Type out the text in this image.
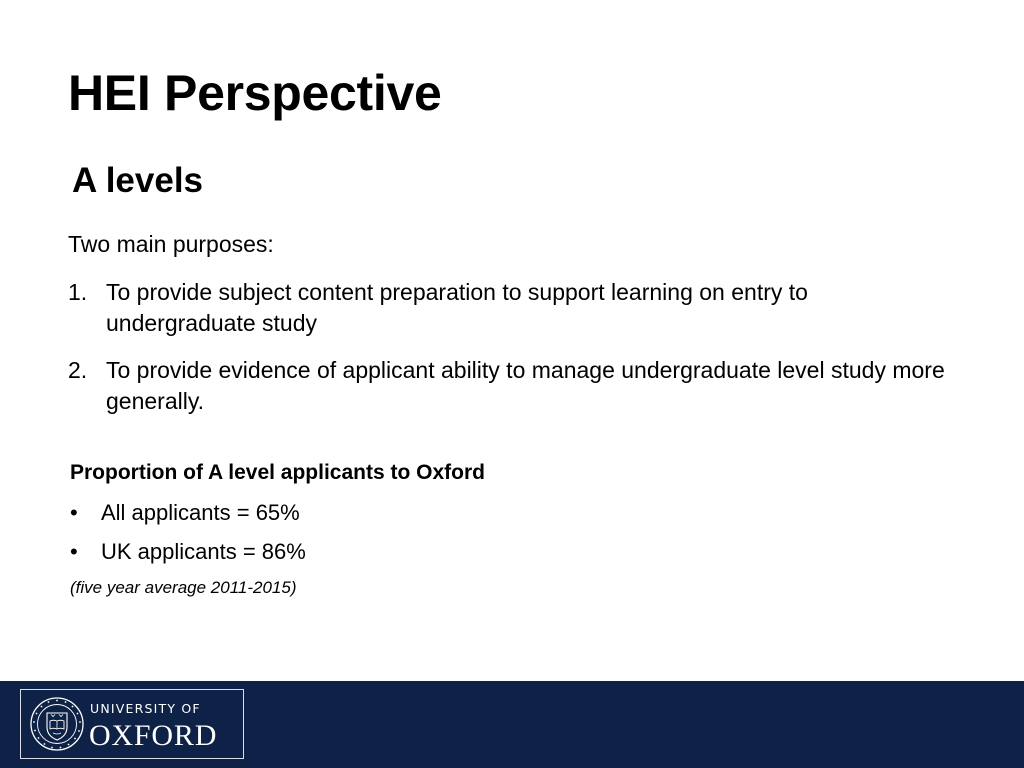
HEI Perspective
A levels
Two main purposes:
1. To provide subject content preparation to support learning on entry to undergraduate study
2. To provide evidence of applicant ability to manage undergraduate level study more generally.
Proportion of A level applicants to Oxford
• All applicants = 65%
• UK applicants = 86%
(five year average 2011-2015)
UNIVERSITY OF
OXFORD
